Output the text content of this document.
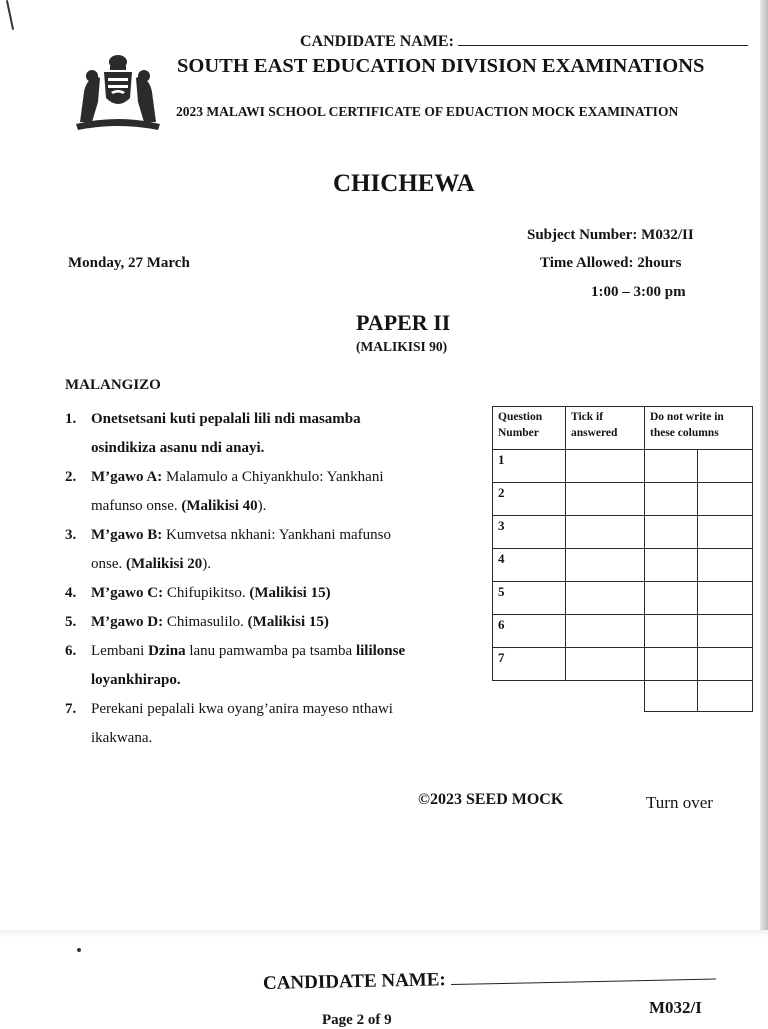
CANDIDATE NAME:
SOUTH EAST EDUCATION DIVISION EXAMINATIONS
2023 MALAWI SCHOOL CERTIFICATE OF EDUACTION MOCK EXAMINATION
CHICHEWA
Subject Number: M032/II
Monday, 27 March	Time Allowed: 2hours
1:00 – 3:00 pm
PAPER II
(MALIKISI 90)
MALANGIZO
1. Onetsetsani kuti pepalali lili ndi masamba osindikiza asanu ndi anayi.
2. M’gawo A: Malamulo a Chiyankhulo: Yankhani mafunso onse. (Malikisi 40).
3. M’gawo B: Kumvetsa nkhani: Yankhani mafunso onse. (Malikisi 20).
4. M’gawo C: Chifupikitso. (Malikisi 15)
5. M’gawo D: Chimasulilo. (Malikisi 15)
6. Lembani Dzina lanu pamwamba pa tsamba lililonse loyankhirapo.
7. Perekani pepalali kwa oyang’anira mayeso nthawi ikakwana.
Question Number	Tick if answered	Do not write in these columns	
1			
2			
3			
4			
5			
6			
7			

©2023 SEED MOCK	Turn over
CANDIDATE NAME:
M032/I
Page 2 of 9
